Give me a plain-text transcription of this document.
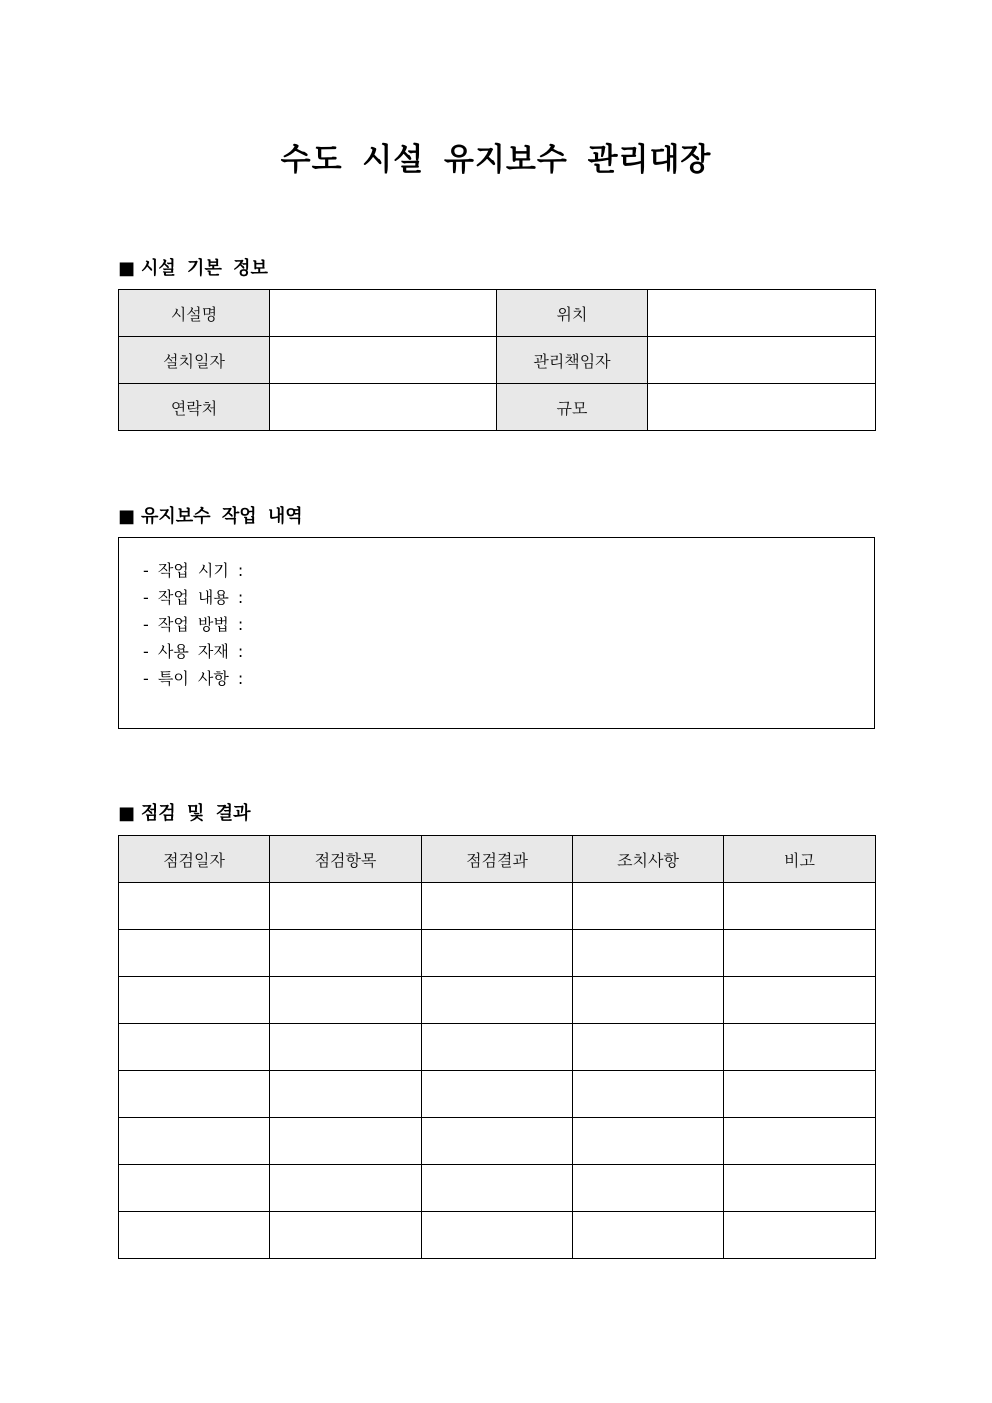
수도 시설 유지보수 관리대장
■ 시설 기본 정보
시설명		위치	
설치일자		관리책임자	
연락처		규모	
■ 유지보수 작업 내역
- 작업 시기 :
- 작업 내용 :
- 작업 방법 :
- 사용 자재 :
- 특이 사항 :
■ 점검 및 결과
점검일자	점검항목	점검결과	조치사항	비고
